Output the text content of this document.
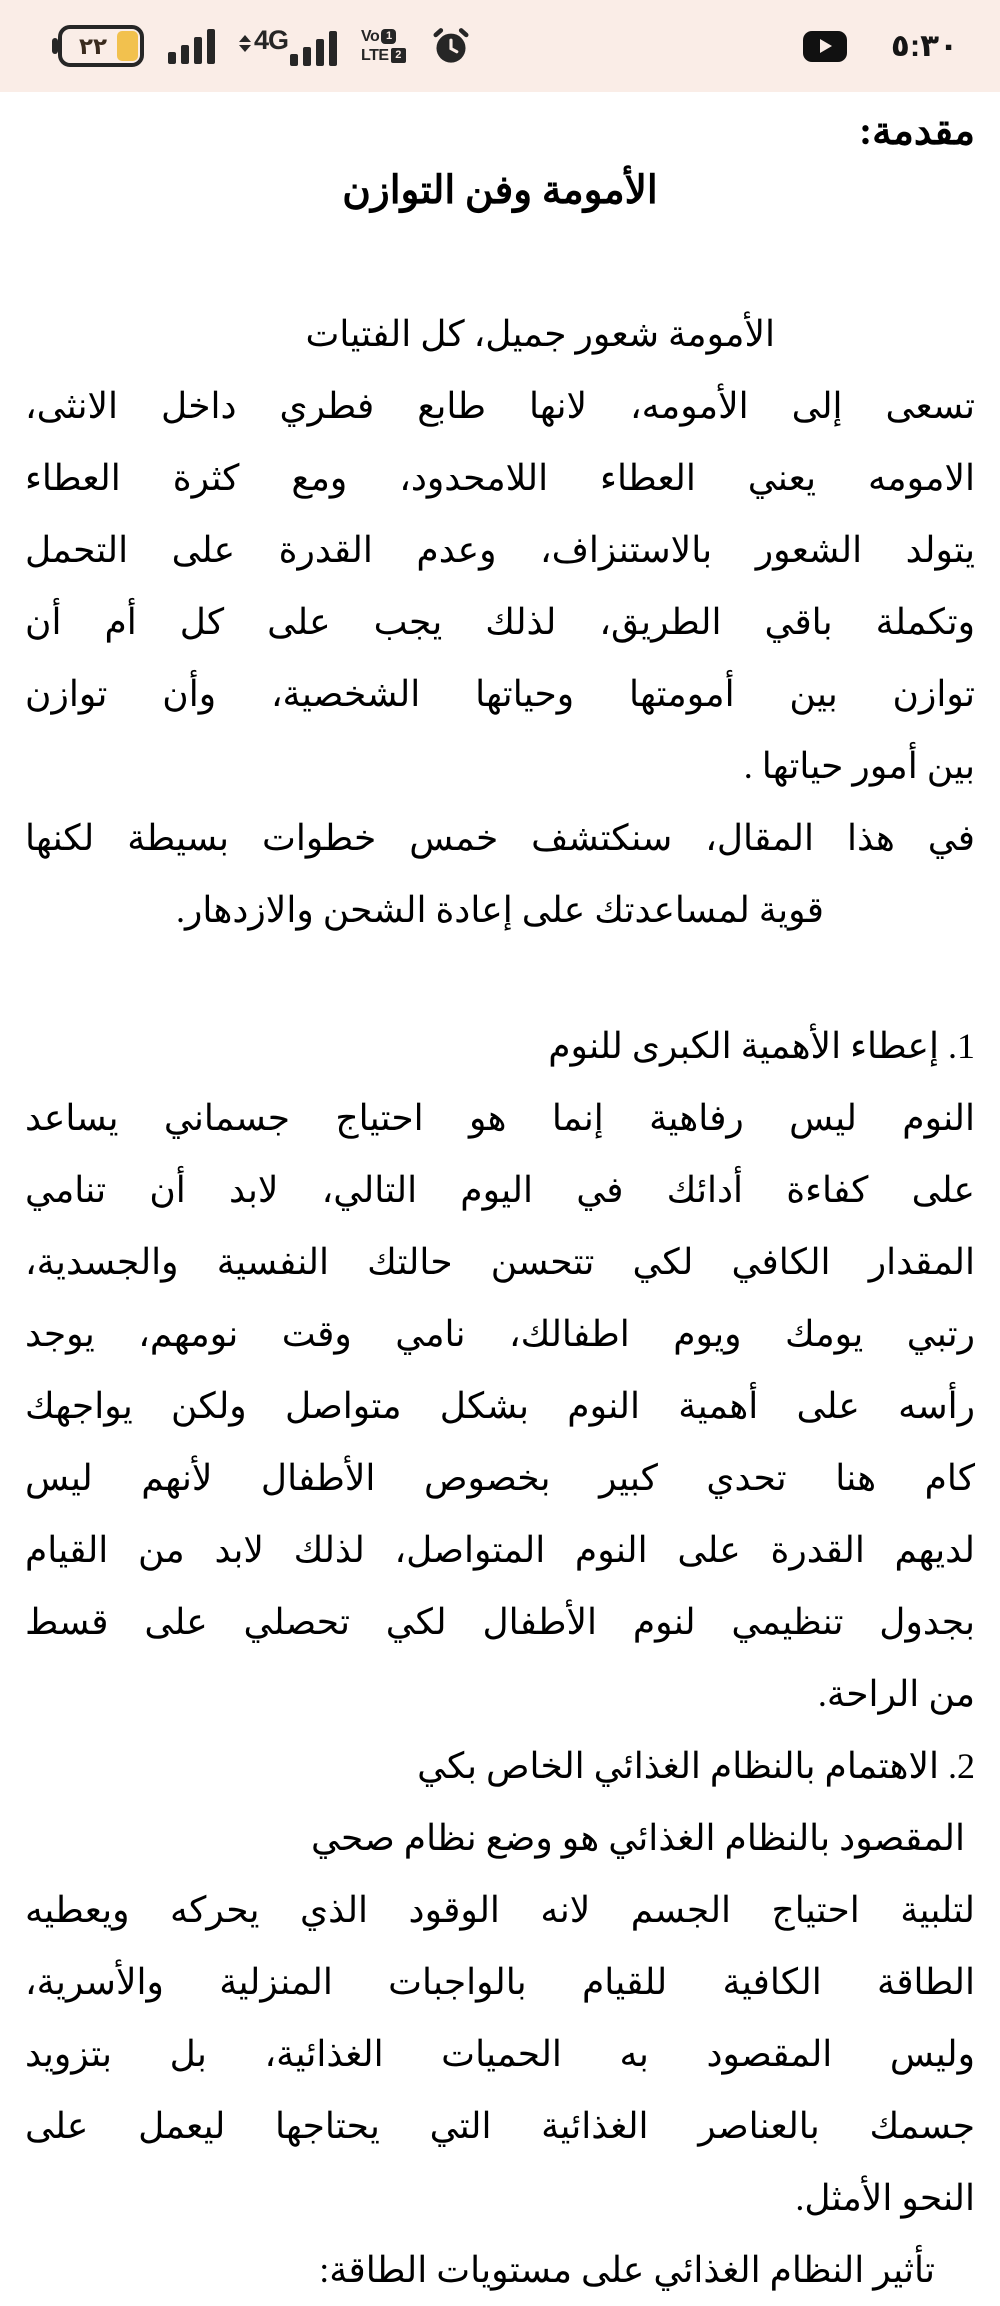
٢٢	4G	Vo 1
LTE 2	٥:٣٠
مقدمة:
الأمومة وفن التوازن
الأمومة شعور جميل، كل الفتيات
تسعى إلى الأمومه، لانها طابع فطري داخل الانثى،
الامومه يعني العطاء اللامحدود، ومع كثرة العطاء
يتولد الشعور بالاستنزاف، وعدم القدرة على التحمل
وتكملة باقي الطريق، لذلك يجب على كل أم أن
توازن بين أمومتها وحياتها الشخصية، وأن توازن
بين أمور حياتها .
في هذا المقال، سنكتشف خمس خطوات بسيطة لكنها
قوية لمساعدتك على إعادة الشحن والازدهار.
1. إعطاء الأهمية الكبرى للنوم
النوم ليس رفاهية إنما هو احتياج جسماني يساعد
على كفاءة أدائك في اليوم التالي، لابد أن تنامي
المقدار الكافي لكي تتحسن حالتك النفسية والجسدية،
رتبي يومك ويوم اطفالك، نامي وقت نومهم، يوجد
رأسه على أهمية النوم بشكل متواصل ولكن يواجهك
كام هنا تحدي كبير بخصوص الأطفال لأنهم ليس
لديهم القدرة على النوم المتواصل، لذلك لابد من القيام
بجدول تنظيمي لنوم الأطفال لكي تحصلي على قسط
من الراحة.
2. الاهتمام بالنظام الغذائي الخاص بكي
المقصود بالنظام الغذائي هو وضع نظام صحي
لتلبية احتياج الجسم لانه الوقود الذي يحركه ويعطيه
الطاقة الكافية للقيام بالواجبات المنزلية والأسرية،
وليس المقصود به الحميات الغذائية، بل بتزويد
جسمك بالعناصر الغذائية التي يحتاجها ليعمل على
النحو الأمثل.
تأثير النظام الغذائي على مستويات الطاقة:
